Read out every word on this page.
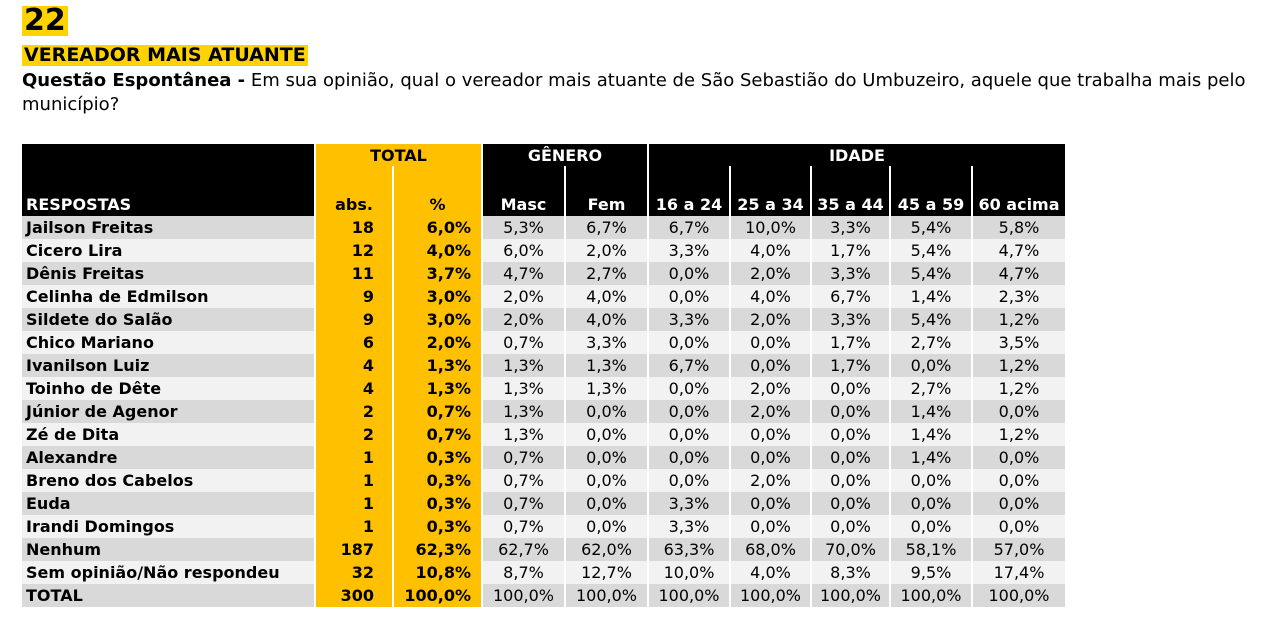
22
VEREADOR MAIS ATUANTE
Questão Espontânea - Em sua opinião, qual o vereador mais atuante de São Sebastião do Umbuzeiro, aquele que trabalha mais pelo município?
	TOTAL		GÊNERO		IDADE				
RESPOSTAS	abs.	%	Masc	Fem	16 a 24	25 a 34	35 a 44	45 a 59	60 acima
Jailson Freitas	18	6,0%	5,3%	6,7%	6,7%	10,0%	3,3%	5,4%	5,8%
Cicero Lira	12	4,0%	6,0%	2,0%	3,3%	4,0%	1,7%	5,4%	4,7%
Dênis Freitas	11	3,7%	4,7%	2,7%	0,0%	2,0%	3,3%	5,4%	4,7%
Celinha de Edmilson	9	3,0%	2,0%	4,0%	0,0%	4,0%	6,7%	1,4%	2,3%
Sildete do Salão	9	3,0%	2,0%	4,0%	3,3%	2,0%	3,3%	5,4%	1,2%
Chico Mariano	6	2,0%	0,7%	3,3%	0,0%	0,0%	1,7%	2,7%	3,5%
Ivanilson Luiz	4	1,3%	1,3%	1,3%	6,7%	0,0%	1,7%	0,0%	1,2%
Toinho de Dête	4	1,3%	1,3%	1,3%	0,0%	2,0%	0,0%	2,7%	1,2%
Júnior de Agenor	2	0,7%	1,3%	0,0%	0,0%	2,0%	0,0%	1,4%	0,0%
Zé de Dita	2	0,7%	1,3%	0,0%	0,0%	0,0%	0,0%	1,4%	1,2%
Alexandre	1	0,3%	0,7%	0,0%	0,0%	0,0%	0,0%	1,4%	0,0%
Breno dos Cabelos	1	0,3%	0,7%	0,0%	0,0%	2,0%	0,0%	0,0%	0,0%
Euda	1	0,3%	0,7%	0,0%	3,3%	0,0%	0,0%	0,0%	0,0%
Irandi Domingos	1	0,3%	0,7%	0,0%	3,3%	0,0%	0,0%	0,0%	0,0%
Nenhum	187	62,3%	62,7%	62,0%	63,3%	68,0%	70,0%	58,1%	57,0%
Sem opinião/Não respondeu	32	10,8%	8,7%	12,7%	10,0%	4,0%	8,3%	9,5%	17,4%
TOTAL	300	100,0%	100,0%	100,0%	100,0%	100,0%	100,0%	100,0%	100,0%
